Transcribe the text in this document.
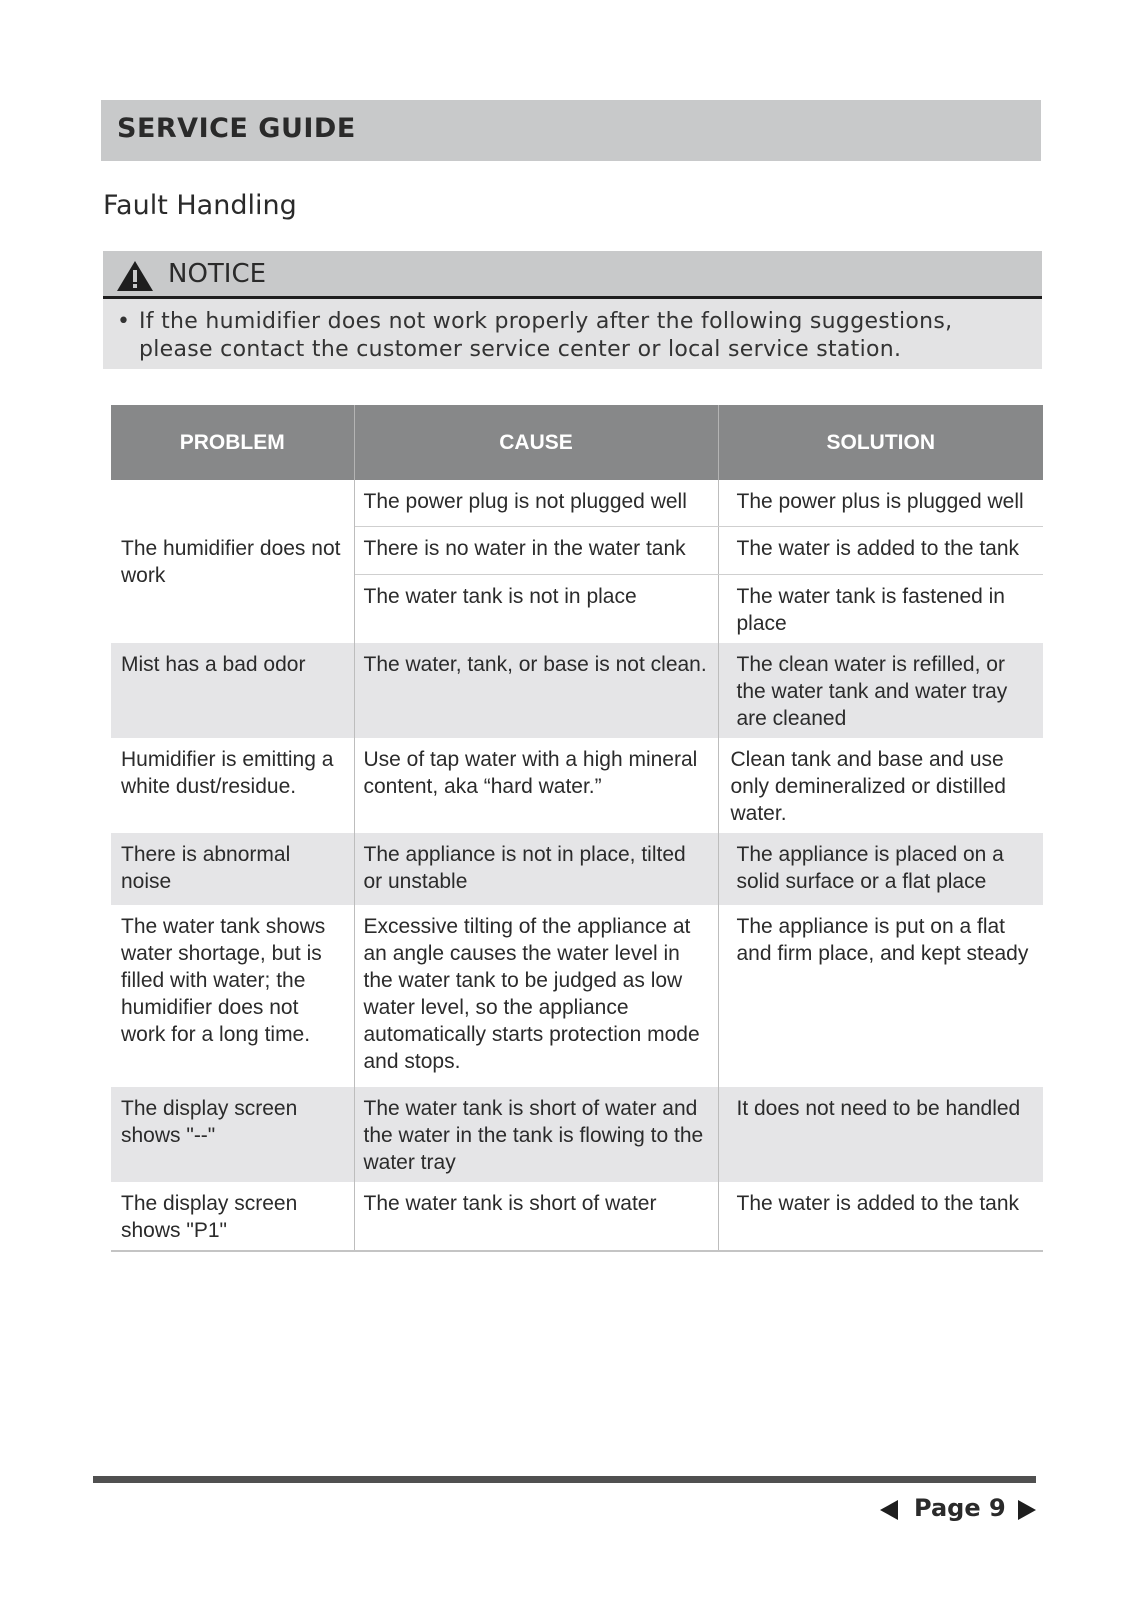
SERVICE GUIDE
Fault Handling
NOTICE
• If the humidifier does not work properly after the following suggestions, please contact the customer service center or local service station.
PROBLEM	CAUSE	SOLUTION
The humidifier does not work	The power plug is not plugged well	The power plus is plugged well
	There is no water in the water tank	The water is added to the tank
	The water tank is not in place	The water tank is fastened in place
Mist has a bad odor	The water, tank, or base is not clean.	The clean water is refilled, or the water tank and water tray are cleaned
Humidifier is emitting a white dust/residue.	Use of tap water with a high mineral content, aka “hard water.”	Clean tank and base and use only demineralized or distilled water.
There is abnormal noise	The appliance is not in place, tilted or unstable	The appliance is placed on a solid surface or a flat place
The water tank shows water shortage, but is filled with water; the humidifier does not work for a long time.	Excessive tilting of the appliance at an angle causes the water level in the water tank to be judged as low water level, so the appliance automatically starts protection mode and stops.	The appliance is put on a flat and firm place, and kept steady
The display screen shows "--"	The water tank is short of water and the water in the tank is flowing to the water tray	It does not need to be handled
The display screen shows "P1"	The water tank is short of water	The water is added to the tank
Page 9
